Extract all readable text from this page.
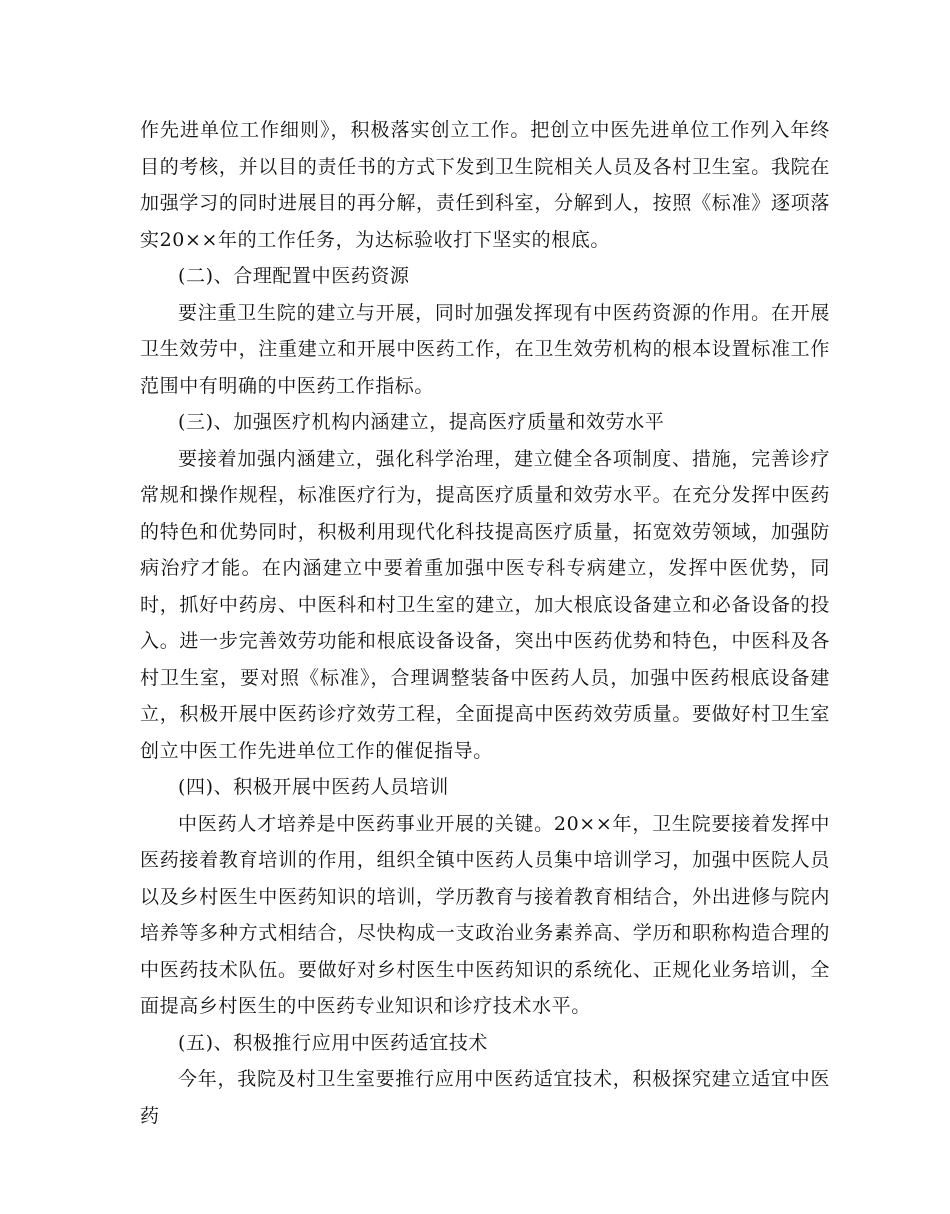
作先进单位工作细则》，积极落实创立工作。把创立中医先进单位工作列入年终目的考核，并以目的责任书的方式下发到卫生院相关人员及各村卫生室。我院在加强学习的同时进展目的再分解，责任到科室，分解到人，按照《标准》逐项落实20××年的工作任务，为达标验收打下坚实的根底。

(二)、合理配置中医药资源

要注重卫生院的建立与开展，同时加强发挥现有中医药资源的作用。在开展卫生效劳中，注重建立和开展中医药工作，在卫生效劳机构的根本设置标准工作范围中有明确的中医药工作指标。

(三)、加强医疗机构内涵建立，提高医疗质量和效劳水平

要接着加强内涵建立，强化科学治理，建立健全各项制度、措施，完善诊疗常规和操作规程，标准医疗行为，提高医疗质量和效劳水平。在充分发挥中医药的特色和优势同时，积极利用现代化科技提高医疗质量，拓宽效劳领域，加强防病治疗才能。在内涵建立中要着重加强中医专科专病建立，发挥中医优势，同时，抓好中药房、中医科和村卫生室的建立，加大根底设备建立和必备设备的投入。进一步完善效劳功能和根底设备设备，突出中医药优势和特色，中医科及各村卫生室，要对照《标准》，合理调整装备中医药人员，加强中医药根底设备建立，积极开展中医药诊疗效劳工程，全面提高中医药效劳质量。要做好村卫生室创立中医工作先进单位工作的催促指导。

(四)、积极开展中医药人员培训

中医药人才培养是中医药事业开展的关键。20××年，卫生院要接着发挥中医药接着教育培训的作用，组织全镇中医药人员集中培训学习，加强中医院人员以及乡村医生中医药知识的培训，学历教育与接着教育相结合，外出进修与院内培养等多种方式相结合，尽快构成一支政治业务素养高、学历和职称构造合理的中医药技术队伍。要做好对乡村医生中医药知识的系统化、正规化业务培训，全面提高乡村医生的中医药专业知识和诊疗技术水平。

(五)、积极推行应用中医药适宜技术

今年，我院及村卫生室要推行应用中医药适宜技术，积极探究建立适宜中医药
